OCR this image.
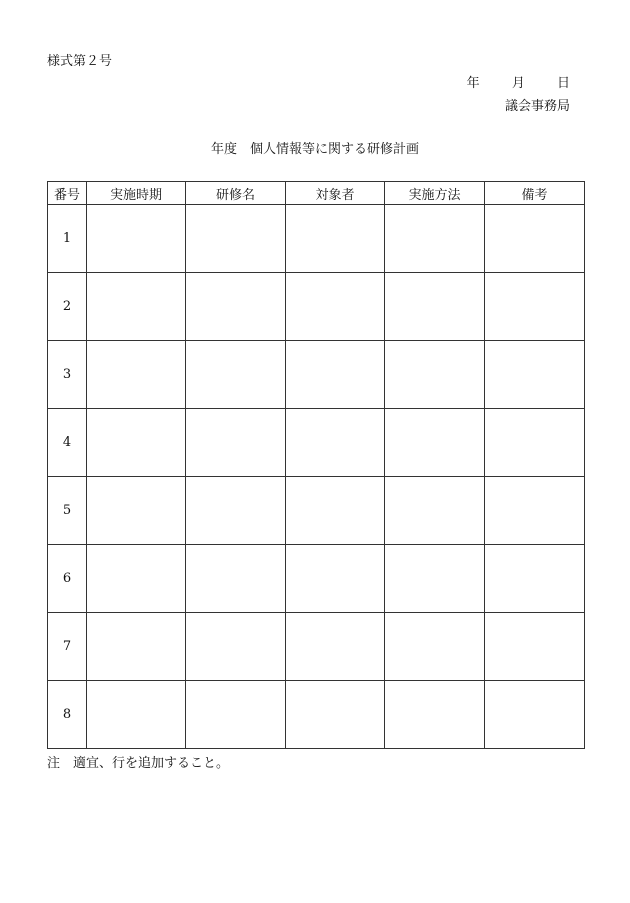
様式第２号
年 月 日
議会事務局
年度　個人情報等に関する研修計画
番号	実施時期	研修名	対象者	実施方法	備考
1					
2					
3					
4					
5					
6					
7					
8					
注　適宜、行を追加すること。
